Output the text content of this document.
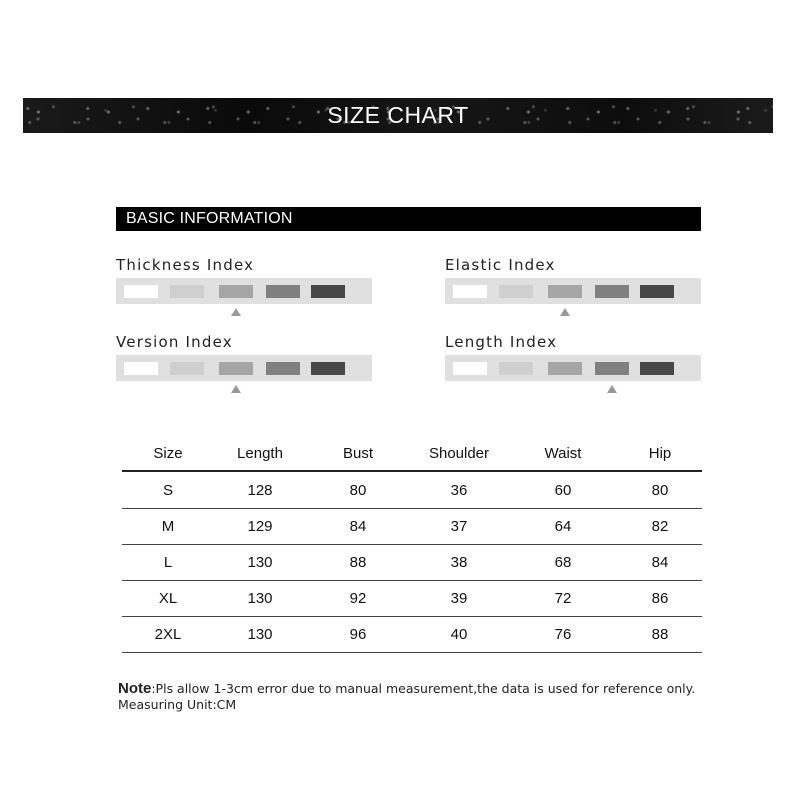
SIZE CHART
BASIC INFORMATION
Thickness Index	Elastic Index
Version Index	Length Index
Size	Length	Bust	Shoulder	Waist	Hip
S	128	80	36	60	80
M	129	84	37	64	82
L	130	88	38	68	84
XL	130	92	39	72	86
2XL	130	96	40	76	88
Note:Pls allow 1-3cm error due to manual measurement,the data is used for reference only.
Measuring Unit:CM
